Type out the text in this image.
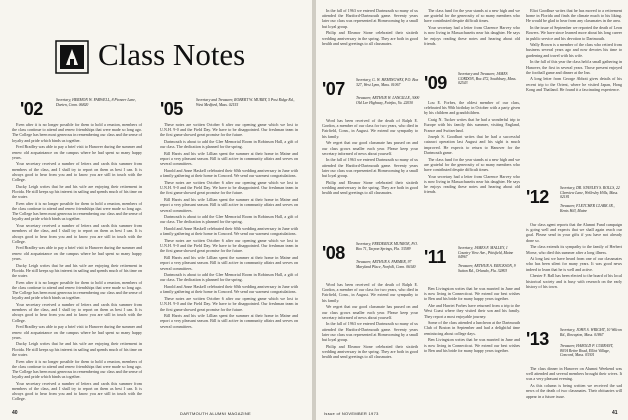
Class Notes
'02	Secretary, HERMON W. FARWELL, 8 Pioneer Lane, Darien, Conn. 06820

Even after it is no longer possible for them to hold a reunion, members of the class continue to attend and renew friendships that were made so long ago. The College has been most generous in remembering our class and the sense of loyalty and pride which binds us together.

Fred Bradley was able to pay a brief visit to Hanover during the summer and renew old acquaintance on the campus where he had spent so many happy years.

Your secretary received a number of letters and cards this summer from members of the class, and I shall try to report on them as best I can. It is always good to hear from you and to know you are still in touch with the College.

Ducky Leigh writes that he and his wife are enjoying their retirement in Florida. He still keeps up his interest in sailing and spends much of his time on the water.

Even after it is no longer possible for them to hold a reunion, members of the class continue to attend and renew friendships that were made so long ago. The College has been most generous in remembering our class and the sense of loyalty and pride which binds us together.

Your secretary received a number of letters and cards this summer from members of the class, and I shall try to report on them as best I can. It is always good to hear from you and to know you are still in touch with the College.

Fred Bradley was able to pay a brief visit to Hanover during the summer and renew old acquaintance on the campus where he had spent so many happy years.

Ducky Leigh writes that he and his wife are enjoying their retirement in Florida. He still keeps up his interest in sailing and spends much of his time on the water.

Even after it is no longer possible for them to hold a reunion, members of the class continue to attend and renew friendships that were made so long ago. The College has been most generous in remembering our class and the sense of loyalty and pride which binds us together.

Your secretary received a number of letters and cards this summer from members of the class, and I shall try to report on them as best I can. It is always good to hear from you and to know you are still in touch with the College.

Fred Bradley was able to pay a brief visit to Hanover during the summer and renew old acquaintance on the campus where he had spent so many happy years.

Ducky Leigh writes that he and his wife are enjoying their retirement in Florida. He still keeps up his interest in sailing and spends much of his time on the water.

Even after it is no longer possible for them to hold a reunion, members of the class continue to attend and renew friendships that were made so long ago. The College has been most generous in remembering our class and the sense of loyalty and pride which binds us together.

Your secretary received a number of letters and cards this summer from members of the class, and I shall try to report on them as best I can. It is always good to hear from you and to know you are still in touch with the College.

'05	Secretary and Treasurer, ROBERT W. MURRY, 5 Post Ridge Rd., West Medford, Mass. 02155

These notes are written October 6 after our opening game which we lost to U.N.H. 9-0 and the Field Day. We have to be disappointed. Our freshman team in the first game showed great promise for the future.

Dartmouth is about to add the Glee Memorial Room in Robinson Hall, a gift of our class. The dedication is planned for the spring.

Bill Harris and his wife Lillian spent the summer at their home in Maine and report a very pleasant season. Bill is still active in community affairs and serves on several committees.

Harold and Anne Haskell celebrated their 60th wedding anniversary in June with a family gathering at their home in Concord. We send our warmest congratulations.

These notes are written October 6 after our opening game which we lost to U.N.H. 9-0 and the Field Day. We have to be disappointed. Our freshman team in the first game showed great promise for the future.

Bill Harris and his wife Lillian spent the summer at their home in Maine and report a very pleasant season. Bill is still active in community affairs and serves on several committees.

Dartmouth is about to add the Glee Memorial Room in Robinson Hall, a gift of our class. The dedication is planned for the spring.

Harold and Anne Haskell celebrated their 60th wedding anniversary in June with a family gathering at their home in Concord. We send our warmest congratulations.

These notes are written October 6 after our opening game which we lost to U.N.H. 9-0 and the Field Day. We have to be disappointed. Our freshman team in the first game showed great promise for the future.

Bill Harris and his wife Lillian spent the summer at their home in Maine and report a very pleasant season. Bill is still active in community affairs and serves on several committees.

Dartmouth is about to add the Glee Memorial Room in Robinson Hall, a gift of our class. The dedication is planned for the spring.

Harold and Anne Haskell celebrated their 60th wedding anniversary in June with a family gathering at their home in Concord. We send our warmest congratulations.

These notes are written October 6 after our opening game which we lost to U.N.H. 9-0 and the Field Day. We have to be disappointed. Our freshman team in the first game showed great promise for the future.

Bill Harris and his wife Lillian spent the summer at their home in Maine and report a very pleasant season. Bill is still active in community affairs and serves on several committees.

40	DARTMOUTH ALUMNI MAGAZINE

In the fall of 1963 we entered Dartmouth so many of us attended the Hartford-Dartmouth game. Seventy years later our class was represented at Homecoming by a small but loyal group.

Philip and Eleanor Stone celebrated their sixtieth wedding anniversary in the spring. They are both in good health and send greetings to all classmates.

'07	Secretary, G. W. HEMINGWAY, P.O. Box 327, West Lynn, Mass. 01067
Treasurer, ARTHUR W. LANGILLE, 3000 Old Lee Highway, Fairfax, Va. 22030

Word has been received of the death of Ralph E. Gordon, a member of our class for two years, who died in Fairfield, Conn., in August. We extend our sympathy to his family.

We regret that our good classmate has passed on and our class grows smaller each year. Please keep your secretary informed of news about yourself.

In the fall of 1963 we entered Dartmouth so many of us attended the Hartford-Dartmouth game. Seventy years later our class was represented at Homecoming by a small but loyal group.

Philip and Eleanor Stone celebrated their sixtieth wedding anniversary in the spring. They are both in good health and send greetings to all classmates.

'08	Secretary, FREDERICK MUNROE, P.O. Box 71, Tarpon Springs, Fla. 33589
Treasurer, ARTHUR S. FARMER, 97 Maryland Place, Norfolk, Conn. 06340

Word has been received of the death of Ralph E. Gordon, a member of our class for two years, who died in Fairfield, Conn., in August. We extend our sympathy to his family.

We regret that our good classmate has passed on and our class grows smaller each year. Please keep your secretary informed of news about yourself.

In the fall of 1963 we entered Dartmouth so many of us attended the Hartford-Dartmouth game. Seventy years later our class was represented at Homecoming by a small but loyal group.

Philip and Eleanor Stone celebrated their sixtieth wedding anniversary in the spring. They are both in good health and send greetings to all classmates.

The class fund for the year stands at a new high and we are grateful for the generosity of so many members who have contributed despite difficult times.

Your secretary had a letter from Clarence Harvey who is now living in Massachusetts near his daughter. He says he enjoys reading these notes and hearing about old friends.

'09	Secretary and Treasurer, JAMES GORDON, Box 472, Southbury, Mass. 02543

Lou E. Forbes, the oldest member of our class, celebrated his 90th birthday in October with a party given by his children and grandchildren.

Craig N. Tucker writes that he had a wonderful trip to Europe with his family this summer, visiting England, France and Switzerland.

Joseph S. Goodhart writes that he had a successful cataract operation last August and his sight is much improved. He expects to return to Hanover for the Dartmouth game.

The class fund for the year stands at a new high and we are grateful for the generosity of so many members who have contributed despite difficult times.

Your secretary had a letter from Clarence Harvey who is now living in Massachusetts near his daughter. He says he enjoys reading these notes and hearing about old friends.

'11	Secretary, JAMES F. MALLEY, 1 Country View Ave., Pittsfield, Maine 04967
Treasurer, ARTHUR A. ERICKSON, 9 Sutton Rd., Orlando, Fla. 32803

Ben Livingston writes that he was married in June and is now living in Connecticut. We extend our best wishes to Ben and his bride for many happy years together.

Abe and Harriet Forbes have returned from a trip to the West Coast where they visited their son and his family. They report a most enjoyable journey.

Some of the class attended a luncheon at the Dartmouth Club of Boston in September and had a delightful time reminiscing about college days.

Ben Livingston writes that he was married in June and is now living in Connecticut. We extend our best wishes to Ben and his bride for many happy years together.

Eliot Goodhue writes that he has moved to a retirement home in Florida and finds the climate much to his liking. He would be glad to hear from any classmates in the area.

In the issue of September we reported the death of Leon Bowers. We have since learned more about his long career in public service and his devotion to Dartmouth.

Wally Brown is a member of the class who retired from business several years ago and now devotes his time to gardening and travel with his wife.

In the fall of this year the class held a small gathering in Hanover, the first in several years. Those present enjoyed the football game and dinner at the Inn.

A long letter from George Abbott gives details of his recent trip to the Orient, where he visited Japan, Hong Kong and Thailand. He found it a fascinating experience.

'12	Secretary, DR. STANLEY S. ROLLS, 22 Glenview Lane, Wellesley Hills, Mass. 02181
Treasurer, FLETCHER CLARK JR., Kents Hill, Maine

Our class agent reports that the Alumni Fund campaign is going well and expects that we shall again reach our goal. Please send in your gifts if you have not already done so.

The class extends its sympathy to the family of Herbert Morse, who died this summer after a long illness.

At long last we have heard from one of our classmates who has been silent for many years. It was good news indeed to learn that he is well and active.

Chester F. Ball has been elected to the board of his local historical society and is busy with research on the early history of his town.

'13	Secretary, JOHN S. WRIGHT, 10 Wilcon Rd., Rowayton, Mass. 01867
Treasurer, HAROLD P. CURRANT, 803A Retire Road, Elliot Village, Concord, Mass. 03301

The class dinner in Hanover on Alumni Weekend was well attended and several members brought their wives. It was a very pleasant evening.

As this column is being written we received the sad news of the death of two classmates. Their obituaries will appear in a future issue.

Issue of NOVEMBER 1973	41
